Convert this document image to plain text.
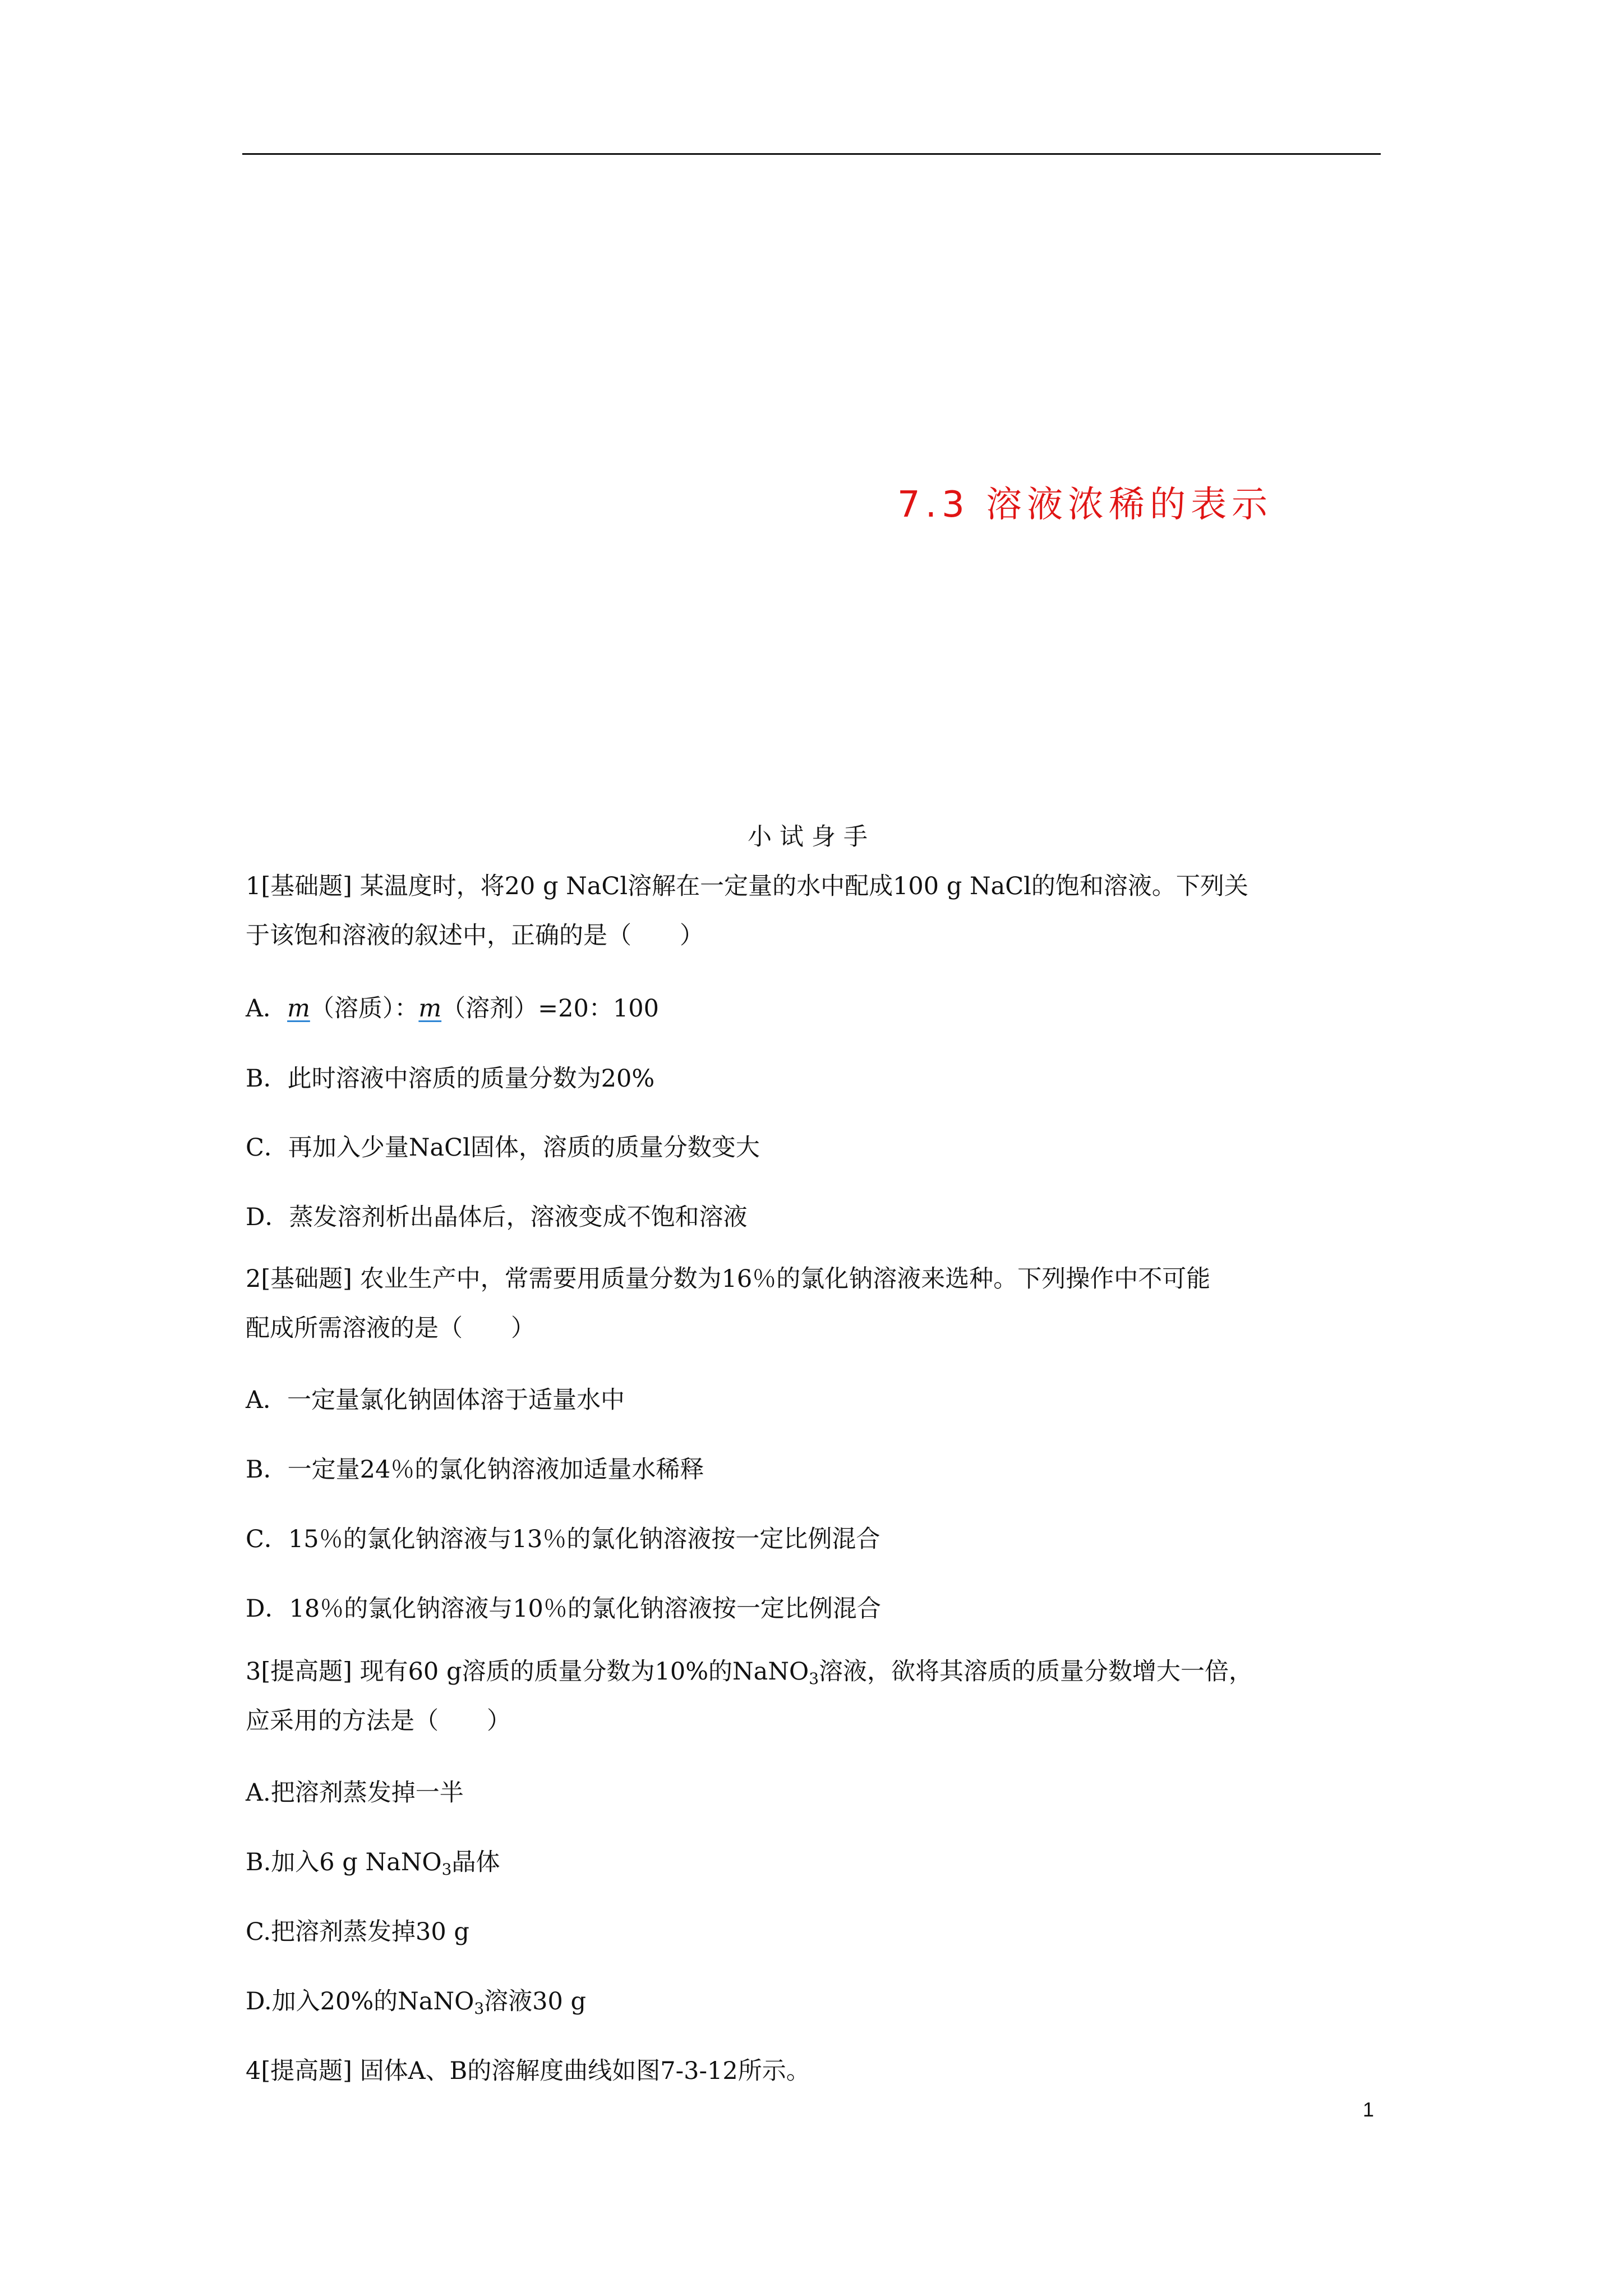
7.3 溶液浓稀的表示
小试身手
1[基础题] 某温度时，将20 g NaCl溶解在一定量的水中配成100 g NaCl的饱和溶液。下列关
于该饱和溶液的叙述中，正确的是（　　）
A．m（溶质）：m（溶剂）=20：100
B．此时溶液中溶质的质量分数为20%
C．再加入少量NaCl固体，溶质的质量分数变大
D．蒸发溶剂析出晶体后，溶液变成不饱和溶液
2[基础题] 农业生产中，常需要用质量分数为16％的氯化钠溶液来选种。下列操作中不可能
配成所需溶液的是（　　）
A．一定量氯化钠固体溶于适量水中
B．一定量24％的氯化钠溶液加适量水稀释
C．15％的氯化钠溶液与13％的氯化钠溶液按一定比例混合
D．18％的氯化钠溶液与10％的氯化钠溶液按一定比例混合
3[提高题] 现有60 g溶质的质量分数为10%的NaNO$_3$溶液，欲将其溶质的质量分数增大一倍，
应采用的方法是（　　）
A.把溶剂蒸发掉一半
B.加入6 g NaNO$_3$晶体
C.把溶剂蒸发掉30 g
D.加入20%的NaNO$_3$溶液30 g
4[提高题] 固体A、B的溶解度曲线如图7-3-12所示。
1
